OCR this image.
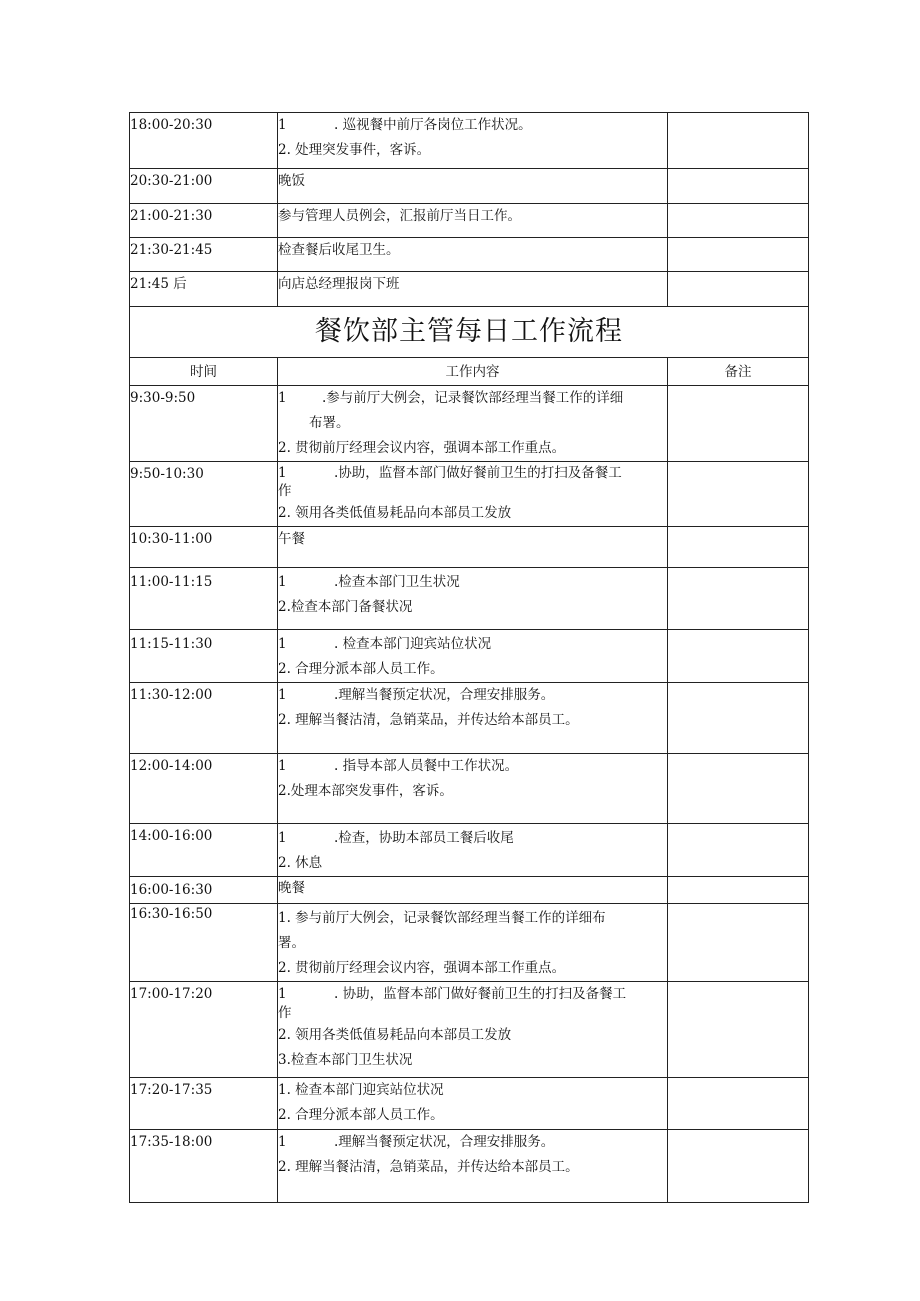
18:00-20:30	1 . 巡视餐中前厅各岗位工作状况。
2. 处理突发事件，客诉。	

20:30-21:00	晚饭	

21:00-21:30	参与管理人员例会，汇报前厅当日工作。	

21:30-21:45	检查餐后收尾卫生。	

21:45 后	向店总经理报岗下班	

餐饮部主管每日工作流程		
时间	工作内容	备注
9:30-9:50	1 .参与前厅大例会，记录餐饮部经理当餐工作的详细
布署。
2. 贯彻前厅经理会议内容，强调本部工作重点。	

9:50-10:30	1 .协助，监督本部门做好餐前卫生的打扫及备餐工
作
2. 领用各类低值易耗品向本部员工发放	

10:30-11:00	午餐	

11:00-11:15	1 .检查本部门卫生状况
2.检查本部门备餐状况	

11:15-11:30	1 . 检查本部门迎宾站位状况
2. 合理分派本部人员工作。	

11:30-12:00	1 .理解当餐预定状况，合理安排服务。
2. 理解当餐沽清，急销菜品，并传达给本部员工。	

12:00-14:00	1 . 指导本部人员餐中工作状况。
2.处理本部突发事件，客诉。	

14:00-16:00	1 .检查，协助本部员工餐后收尾
2. 休息	

16:00-16:30	晚餐	

16:30-16:50	1. 参与前厅大例会，记录餐饮部经理当餐工作的详细布
署。
2. 贯彻前厅经理会议内容，强调本部工作重点。	

17:00-17:20	1 . 协助，监督本部门做好餐前卫生的打扫及备餐工
作
2. 领用各类低值易耗品向本部员工发放
3.检查本部门卫生状况	

17:20-17:35	1. 检查本部门迎宾站位状况
2. 合理分派本部人员工作。	

17:35-18:00	1 .理解当餐预定状况，合理安排服务。
2. 理解当餐沽清，急销菜品，并传达给本部员工。	
